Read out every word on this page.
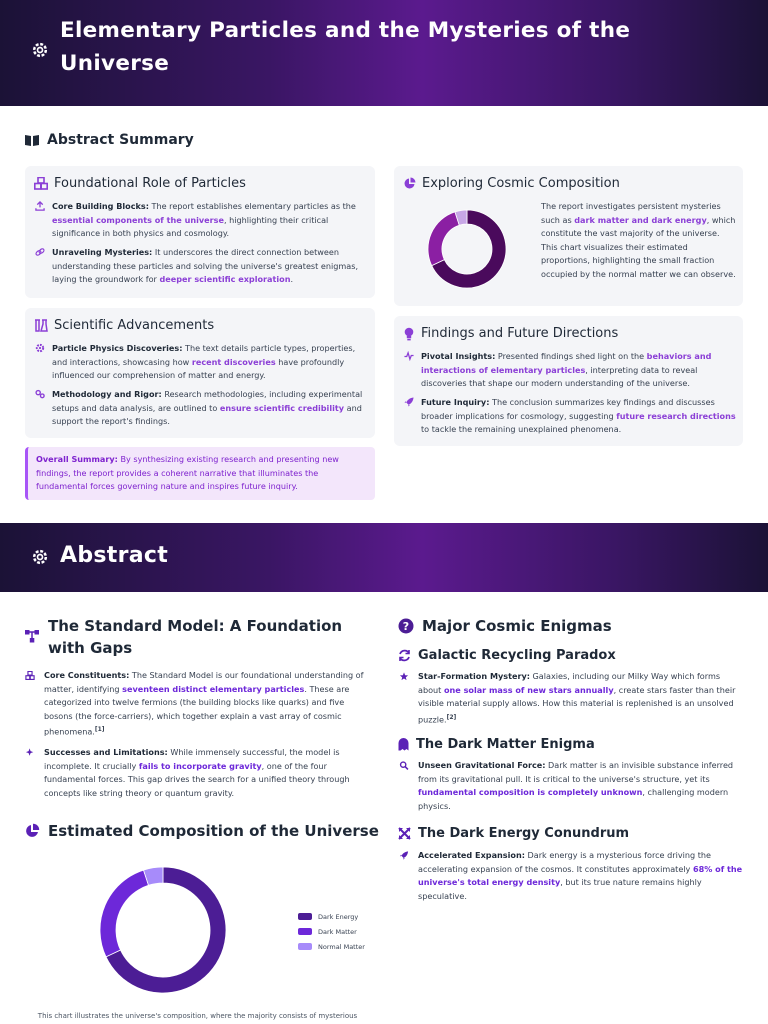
Elementary Particles and the Mysteries of the Universe
Abstract Summary
Foundational Role of Particles

Core Building Blocks: The report establishes elementary particles as the essential components of the universe, highlighting their critical significance in both physics and cosmology.

Unraveling Mysteries: It underscores the direct connection between understanding these particles and solving the universe's greatest enigmas, laying the groundwork for deeper scientific exploration.

Exploring Cosmic Composition

The report investigates persistent mysteries such as dark matter and dark energy, which constitute the vast majority of the universe. This chart visualizes their estimated proportions, highlighting the small fraction occupied by the normal matter we can observe.

Scientific Advancements

Particle Physics Discoveries: The text details particle types, properties, and interactions, showcasing how recent discoveries have profoundly influenced our comprehension of matter and energy.

Methodology and Rigor: Research methodologies, including experimental setups and data analysis, are outlined to ensure scientific credibility and support the report's findings.

Findings and Future Directions

Pivotal Insights: Presented findings shed light on the behaviors and interactions of elementary particles, interpreting data to reveal discoveries that shape our modern understanding of the universe.

Future Inquiry: The conclusion summarizes key findings and discusses broader implications for cosmology, suggesting future research directions to tackle the remaining unexplained phenomena.

Overall Summary: By synthesizing existing research and presenting new findings, the report provides a coherent narrative that illuminates the fundamental forces governing nature and inspires future inquiry.

Abstract
The Standard Model: A Foundation with Gaps

Core Constituents: The Standard Model is our foundational understanding of matter, identifying seventeen distinct elementary particles. These are categorized into twelve fermions (the building blocks like quarks) and five bosons (the force-carriers), which together explain a vast array of cosmic phenomena.[1]

Successes and Limitations: While immensely successful, the model is incomplete. It crucially fails to incorporate gravity, one of the four fundamental forces. This gap drives the search for a unified theory through concepts like string theory or quantum gravity.

Estimated Composition of the Universe
Dark Energy
Dark Matter
Normal Matter
This chart illustrates the universe's composition, where the majority consists of mysterious
? Major Cosmic Enigmas
Galactic Recycling Paradox

Star-Formation Mystery: Galaxies, including our Milky Way which forms about one solar mass of new stars annually, create stars faster than their visible material supply allows. How this material is replenished is an unsolved puzzle.[2]

The Dark Matter Enigma

Unseen Gravitational Force: Dark matter is an invisible substance inferred from its gravitational pull. It is critical to the universe's structure, yet its fundamental composition is completely unknown, challenging modern physics.

The Dark Energy Conundrum

Accelerated Expansion: Dark energy is a mysterious force driving the accelerating expansion of the cosmos. It constitutes approximately 68% of the universe's total energy density, but its true nature remains highly speculative.
